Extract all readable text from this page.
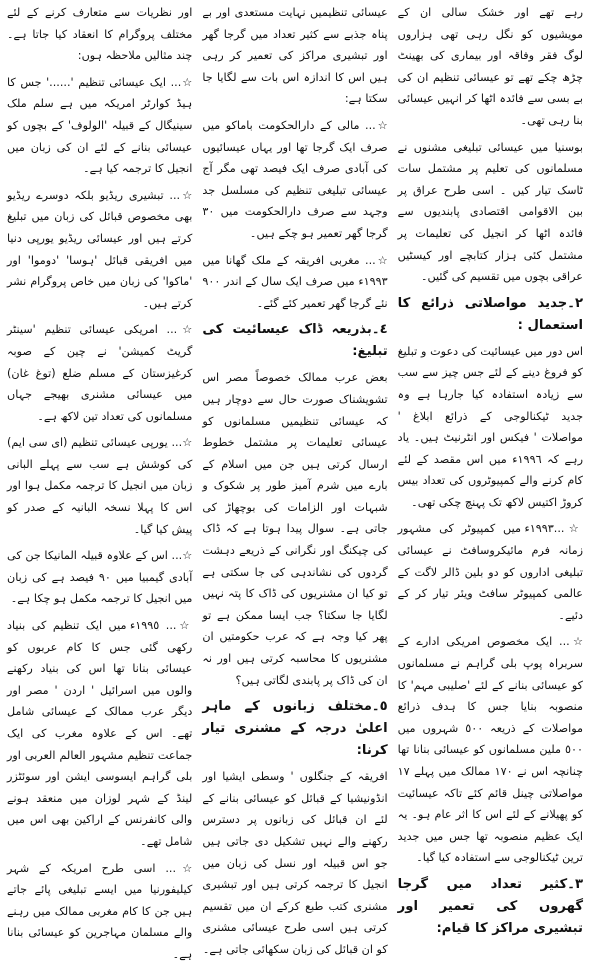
رہے تھے اور خشک سالی ان کے مویشیوں کو نگل رہی تھی ہزاروں لوگ فقر وفاقہ اور بیماری کی بھینٹ چڑھ چکے تھے تو عیسائی تنظیم ان کی بے بسی سے فائدہ اٹھا کر انہیں عیسائی بنا رہی تھی۔

بوسنیا میں عیسائی تبلیغی مشنوں نے مسلمانوں کی تعلیم پر مشتمل سات ٹاسک تیار کیں ۔ اسی طرح عراق پر بین الاقوامی اقتصادی پابندیوں سے فائدہ اٹھا کر انجیل کی تعلیمات پر مشتمل کئی ہزار کتابچے اور کیسٹیں عراقی بچوں میں تقسیم کی گئیں۔

٢۔جدید مواصلاتی ذرائع کا استعمال :

اس دور میں عیسائیت کی دعوت و تبلیغ کو فروغ دینے کے لئے جس چیز سے سب سے زیادہ استفادہ کیا جارہا ہے وہ جدید ٹیکنالوجی کے ذرائع ابلاغ ' مواصلات ' فیکس اور انٹرنیٹ ہیں۔ یاد رہے کہ ١٩٩٦ء میں اس مقصد کے لئے کام کرنے والے کمپیوٹروں کی تعداد بیس کروڑ اکتیس لاکھ تک پہنچ چکی تھی۔

☆...١٩٩٣ء میں کمپیوٹر کی مشہور زمانہ فرم مائیکروسافٹ نے عیسائی تبلیغی اداروں کو دو بلین ڈالر لاگت کے عالمی کمپیوٹر سافٹ ویئر تیار کر کے دئیے۔

☆... ایک مخصوص امریکی ادارے کے سربراہ پوپ بلی گراہم نے مسلمانوں کو عیسائی بنانے کے لئے 'صلیبی مہم' کا منصوبہ بنایا جس کا ہدف ذرائع مواصلات کے ذریعہ ٥٠٠ شہروں میں ٥٠٠ ملین مسلمانوں کو عیسائی بنانا تھا چنانچہ اس نے ١٧٠ ممالک میں پہلے ١٧ مواصلاتی چینل قائم کئے تاکہ عیسائیت کو پھیلانے کے لئے اس کا اثر عام ہو۔ یہ ایک عظیم منصوبہ تھا جس میں جدید ترین ٹیکنالوجی سے استفادہ کیا گیا۔

٣۔کثیر تعداد میں گرجا گھروں کی تعمیر اور تبشیری مراکز کا قیام:

عیسائی تنظیمیں نہایت مستعدی اور بے پناہ جذبے سے کثیر تعداد میں گرجا گھر اور تبشیری مراکز کی تعمیر کر رہی ہیں اس کا اندازہ اس بات سے لگایا جا سکتا ہے:

☆... مالی کے دارالحکومت باماکو میں صرف ایک گرجا تھا اور یہاں عیسائیوں کی آبادی صرف ایک فیصد تھی مگر آج عیسائی تبلیغی تنظیم کی مسلسل جد وجہد سے صرف دارالحکومت میں ٣٠ گرجا گھر تعمیر ہو چکے ہیں۔

☆... مغربی افریقہ کے ملک گھانا میں ١٩٩٣ء میں صرف ایک سال کے اندر ٩٠٠ نئے گرجا گھر تعمیر کئے گئے۔

٤۔بذریعہ ڈاک عیسائیت کی تبلیغ:

بعض عرب ممالک خصوصاً مصر اس تشویشناک صورت حال سے دوچار ہیں کہ عیسائی تنظیمیں مسلمانوں کو عیسائی تعلیمات پر مشتمل خطوط ارسال کرتی ہیں جن میں اسلام کے بارے میں شرم آمیز طور پر شکوک و شبہات اور الزامات کی بوچھاڑ کی جاتی ہے۔ سوال پیدا ہوتا ہے کہ ڈاک کی چیکنگ اور نگرانی کے ذریعے دہشت گردوں کی نشاندہی کی جا سکتی ہے تو کیا ان مشنریوں کی ڈاک کا پتہ نہیں لگایا جا سکتا؟ جب ایسا ممکن ہے تو پھر کیا وجہ ہے کہ عرب حکومتیں ان مشنریوں کا محاسبہ کرتی ہیں اور نہ ان کی ڈاک پر پابندی لگاتی ہیں؟

٥۔مختلف زبانوں کے ماہر اعلیٰ درجہ کے مشنری تیار کرنا:

افریقہ کے جنگلوں ' وسطی ایشیا اور انڈونیشیا کے قبائل کو عیسائی بنانے کے لئے ان قبائل کی زبانوں پر دسترس رکھنے والے نہیں تشکیل دی جاتی ہیں جو اس قبیلہ اور نسل کی زبان میں انجیل کا ترجمہ کرتی ہیں اور تبشیری مشنری کتب طبع کرکے ان میں تقسیم کرتی ہیں اسی طرح عیسائی مشنری کو ان قبائل کی زبان سکھائی جاتی ہے۔

اور نظریات سے متعارف کرنے کے لئے مختلف پروگرام کا انعقاد کیا جاتا ہے۔ چند مثالیں ملاحظہ ہوں:

☆... ایک عیسائی تنظیم '......' جس کا ہیڈ کوارٹر امریکہ میں ہے سلم ملک سینیگال کے قبیلہ 'الولوف' کے بچوں کو عیسائی بنانے کے لئے ان کی زبان میں انجیل کا ترجمہ کیا ہے۔

☆... تبشیری ریڈیو بلکہ دوسرے ریڈیو بھی مخصوص قبائل کی زبان میں تبلیغ کرتے ہیں اور عیسائی ریڈیو یورپی دنیا میں افریقی قبائل 'ہوسا' 'دوموا' اور 'ماکوا' کی زبان میں خاص پروگرام نشر کرتے ہیں۔

☆... امریکی عیسائی تنظیم 'سینٹر گریٹ کمیشن' نے چین کے صوبہ کرغیزستان کے مسلم ضلع (توغ غان) میں عیسائی مشنری بھیجے جہاں مسلمانوں کی تعداد تین لاکھ ہے۔

☆... یورپی عیسائی تنظیم (ای سی ایم) کی کوشش ہے سب سے پہلے البانی زبان میں انجیل کا ترجمہ مکمل ہوا اور اس کا پہلا نسخہ البانیہ کے صدر کو پیش کیا گیا۔

☆... اس کے علاوہ قبیلہ المانیکا جن کی آبادی گیمبیا میں ٩٠ فیصد ہے کی زبان میں انجیل کا ترجمہ مکمل ہو چکا ہے۔

☆... ١٩٩٥ء میں ایک تنظیم کی بنیاد رکھی گئی جس کا کام عربوں کو عیسائی بنانا تھا اس کی بنیاد رکھنے والوں میں اسرائیل ' اردن ' مصر اور دیگر عرب ممالک کے عیسائی شامل تھے۔ اس کے علاوہ مغرب کی ایک جماعت تنظیم مشہور العالم العربی اور بلی گراہم ایسوسی ایشن اور سوئٹزر لینڈ کے شہر لوزان میں منعقد ہونے والی کانفرنس کے اراکین بھی اس میں شامل تھے۔

☆... اسی طرح امریکہ کے شہر کیلیفورنیا میں ایسے تبلیغی پائے جاتے ہیں جن کا کام مغربی ممالک میں رہنے والے مسلمان مہاجرین کو عیسائی بنانا ہے۔
